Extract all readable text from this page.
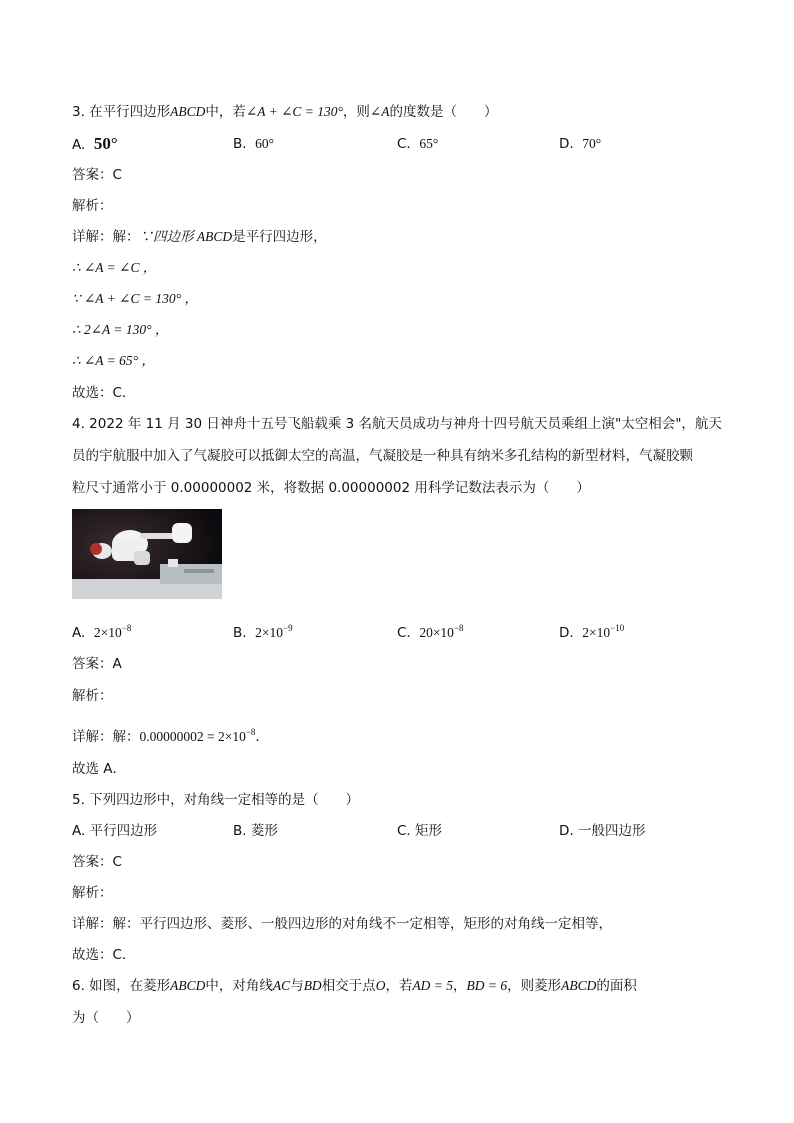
3. 在平行四边形ABCD中，若∠A + ∠C = 130°，则∠A的度数是（　　）
A. 50°	B. 60°	C. 65°	D. 70°
答案：C
解析：
详解：解：∵四边形 ABCD是平行四边形，
∴ ∠A = ∠C ，
∵ ∠A + ∠C = 130° ，
∴ 2∠A = 130° ，
∴ ∠A = 65° ，
故选：C．
4. 2022 年 11 月 30 日神舟十五号飞船载乘 3 名航天员成功与神舟十四号航天员乘组上演"太空相会"，航天
员的宇航服中加入了气凝胶可以抵御太空的高温，气凝胶是一种具有纳米多孔结构的新型材料，气凝胶颗
粒尺寸通常小于 0.00000002 米，将数据 0.00000002 用科学记数法表示为（　　）
A. $2\times 10^{-8}$	B. $2\times 10^{-9}$	C. $20\times 10^{-8}$	D. $2\times 10^{-10}$
答案：A
解析：
详解：解：$0.00000002 = 2\times 10^{-8}$．
故选 A．
5. 下列四边形中，对角线一定相等的是（　　）
A. 平行四边形	B. 菱形	C. 矩形	D. 一般四边形
答案：C
解析：
详解：解：平行四边形、菱形、一般四边形的对角线不一定相等，矩形的对角线一定相等，
故选：C．
6. 如图，在菱形ABCD中，对角线AC与BD相交于点O，若AD = 5，BD = 6，则菱形ABCD的面积
为（　　）
